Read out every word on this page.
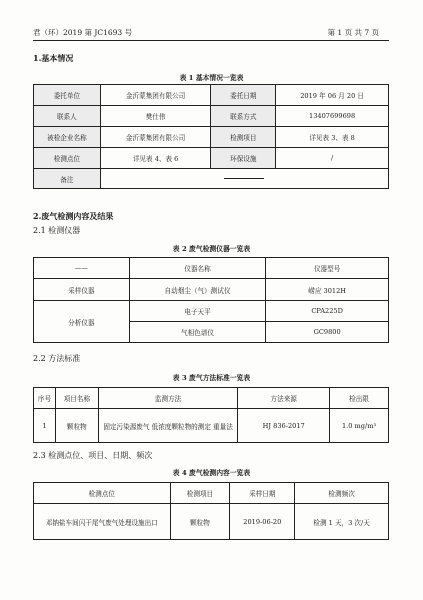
君（环）2019 第 JC1693 号	第 1 页 共 7 页
1.基本情况
表 1 基本情况一览表
委托单位	金沂蒙集团有限公司	委托日期	2019 年 06 月 20 日
联系人	樊仕伟	联系方式	13407699698
被检企业名称	金沂蒙集团有限公司	检测项目	详见表 3、表 8
检测点位	详见表 4、表 6	环保设施	/
备注			
2.废气检测内容及结果
2.1 检测仪器
表 2 废气检测仪器一览表
——	仪器名称	仪器型号
采样仪器	自动烟尘（气）测试仪	崂应 3012H
分析仪器	电子天平	CPA225D
	气相色谱仪	GC9800
2.2 方法标准
表 3 废气方法标准一览表
序号	项目名称	监测方法	方法来源	检出限
1	颗粒物	固定污染源废气 低浓度颗粒物的测定 重量法	HJ 836-2017	1.0 mg/m³
2.3 检测点位、项目、日期、频次
表 4 废气检测内容一览表
检测点位	检测项目	采样日期	检测频次
邓钠盐车间闪干尾气废气处理设施出口	颗粒物	2019-06-20	检测 1 天，3 次/天
